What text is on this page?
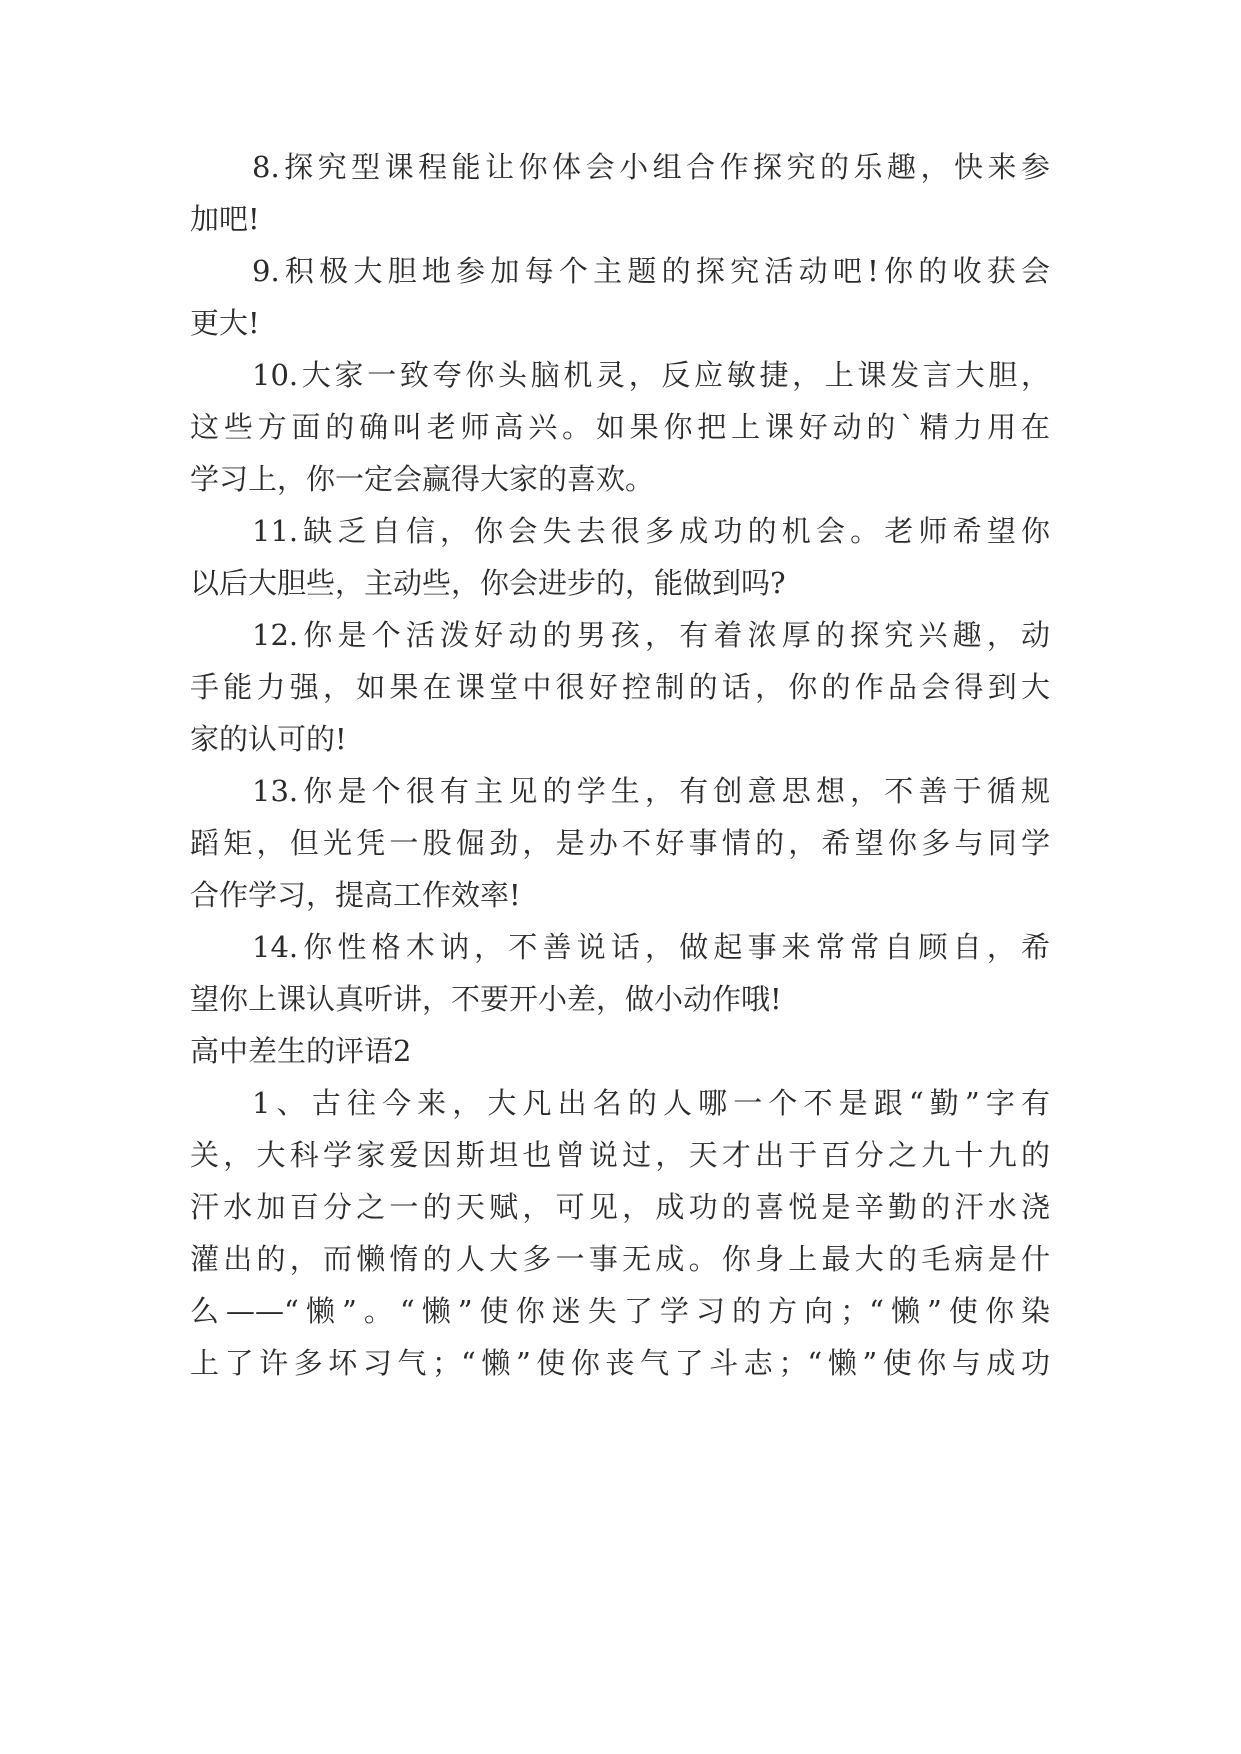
8.探究型课程能让你体会小组合作探究的乐趣，快来参
加吧!
9.积极大胆地参加每个主题的探究活动吧!你的收获会
更大!
10.大家一致夸你头脑机灵，反应敏捷，上课发言大胆，
这些方面的确叫老师高兴。如果你把上课好动的`精力用在
学习上，你一定会赢得大家的喜欢。
11.缺乏自信，你会失去很多成功的机会。老师希望你
以后大胆些，主动些，你会进步的，能做到吗?
12.你是个活泼好动的男孩，有着浓厚的探究兴趣，动
手能力强，如果在课堂中很好控制的话，你的作品会得到大
家的认可的!
13.你是个很有主见的学生，有创意思想，不善于循规
蹈矩，但光凭一股倔劲，是办不好事情的，希望你多与同学
合作学习，提高工作效率!
14.你性格木讷，不善说话，做起事来常常自顾自，希
望你上课认真听讲，不要开小差，做小动作哦!
高中差生的评语2
1、古往今来，大凡出名的人哪一个不是跟“勤”字有
关，大科学家爱因斯坦也曾说过，天才出于百分之九十九的
汗水加百分之一的天赋，可见，成功的喜悦是辛勤的汗水浇
灌出的，而懒惰的人大多一事无成。你身上最大的毛病是什
么——“懒”。“懒”使你迷失了学习的方向；“懒”使你染
上了许多坏习气；“懒”使你丧气了斗志；“懒”使你与成功
